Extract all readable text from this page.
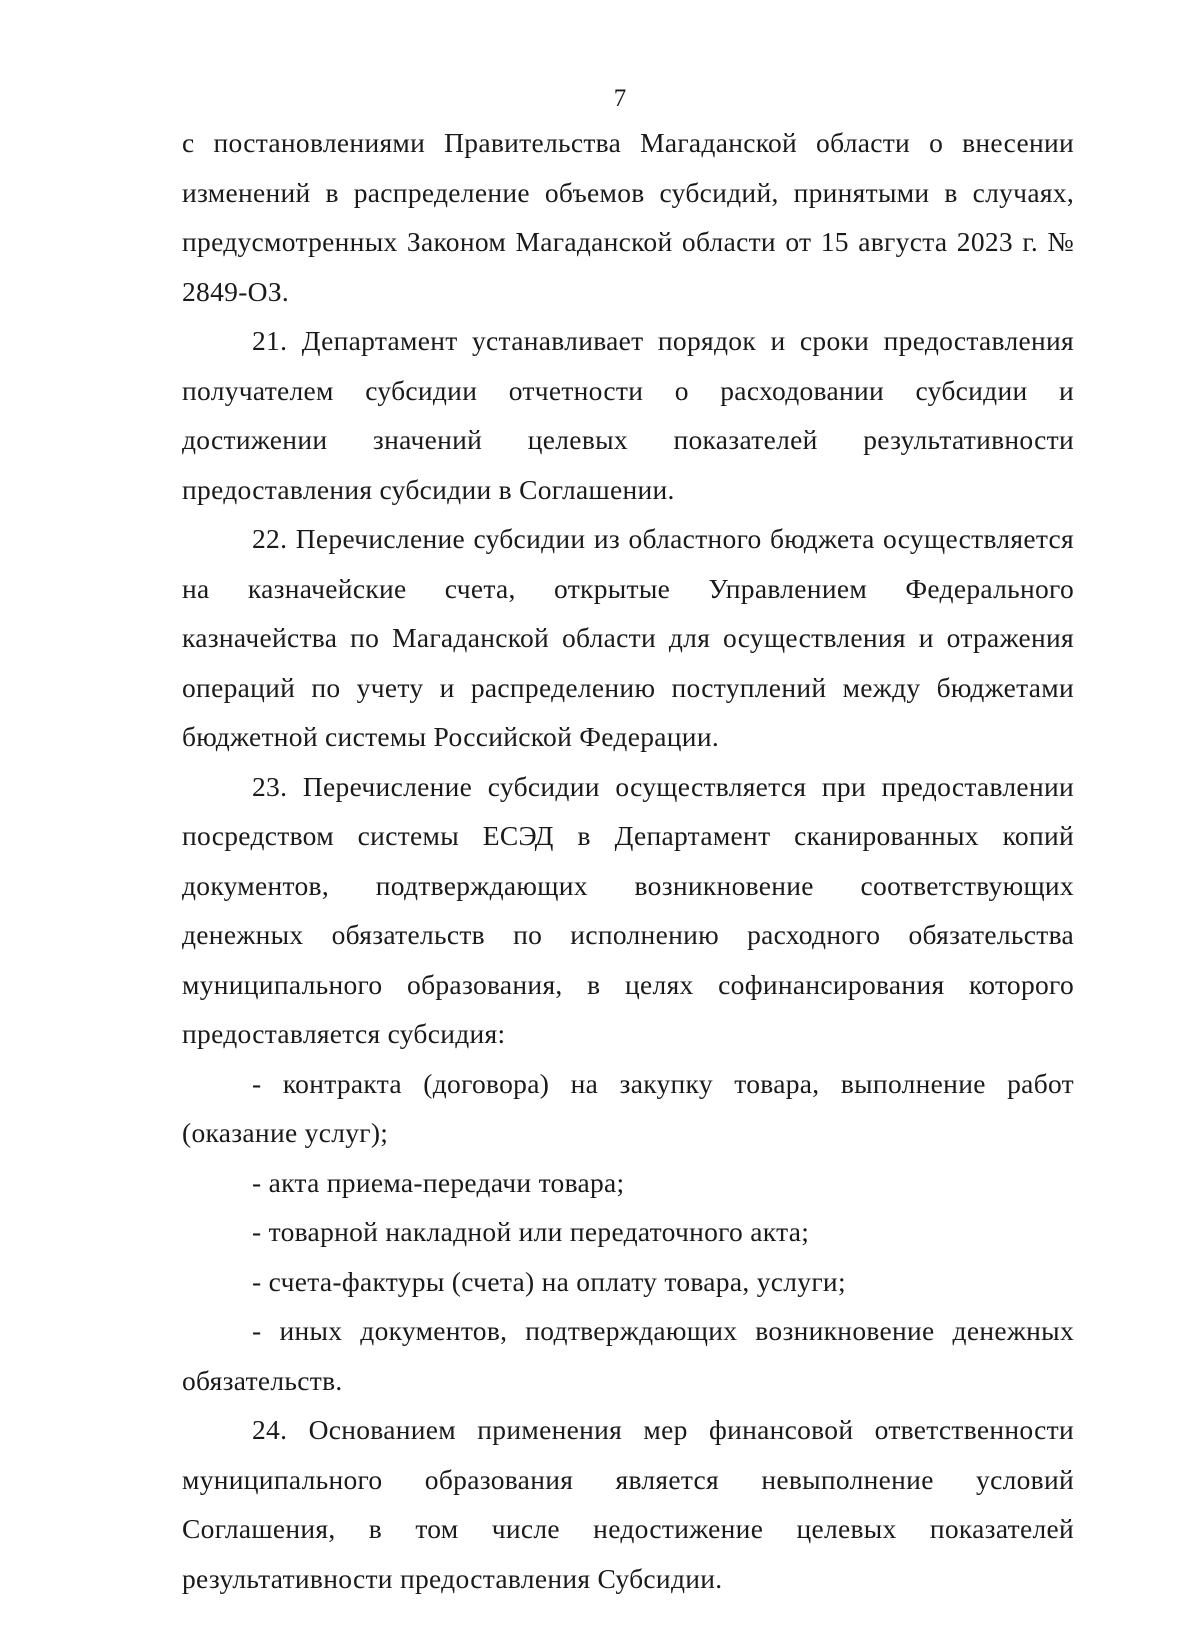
7

с постановлениями Правительства Магаданской области о внесении изменений в распределение объемов субсидий, принятыми в случаях, предусмотренных Законом Магаданской области от 15 августа 2023 г. № 2849-ОЗ.

21. Департамент устанавливает порядок и сроки предоставления получателем субсидии отчетности о расходовании субсидии и достижении значений целевых показателей результативности предоставления субсидии в Соглашении.

22. Перечисление субсидии из областного бюджета осуществляется на казначейские счета, открытые Управлением Федерального казначейства по Магаданской области для осуществления и отражения операций по учету и распределению поступлений между бюджетами бюджетной системы Российской Федерации.

23. Перечисление субсидии осуществляется при предоставлении посредством системы ЕСЭД в Департамент сканированных копий документов, подтверждающих возникновение соответствующих денежных обязательств по исполнению расходного обязательства муниципального образования, в целях софинансирования которого предоставляется субсидия:

- контракта (договора) на закупку товара, выполнение работ (оказание услуг);

- акта приема-передачи товара;

- товарной накладной или передаточного акта;

- счета-фактуры (счета) на оплату товара, услуги;

- иных документов, подтверждающих возникновение денежных обязательств.

24. Основанием применения мер финансовой ответственности муниципального образования является невыполнение условий Соглашения, в том числе недостижение целевых показателей результативности предоставления Субсидии.
